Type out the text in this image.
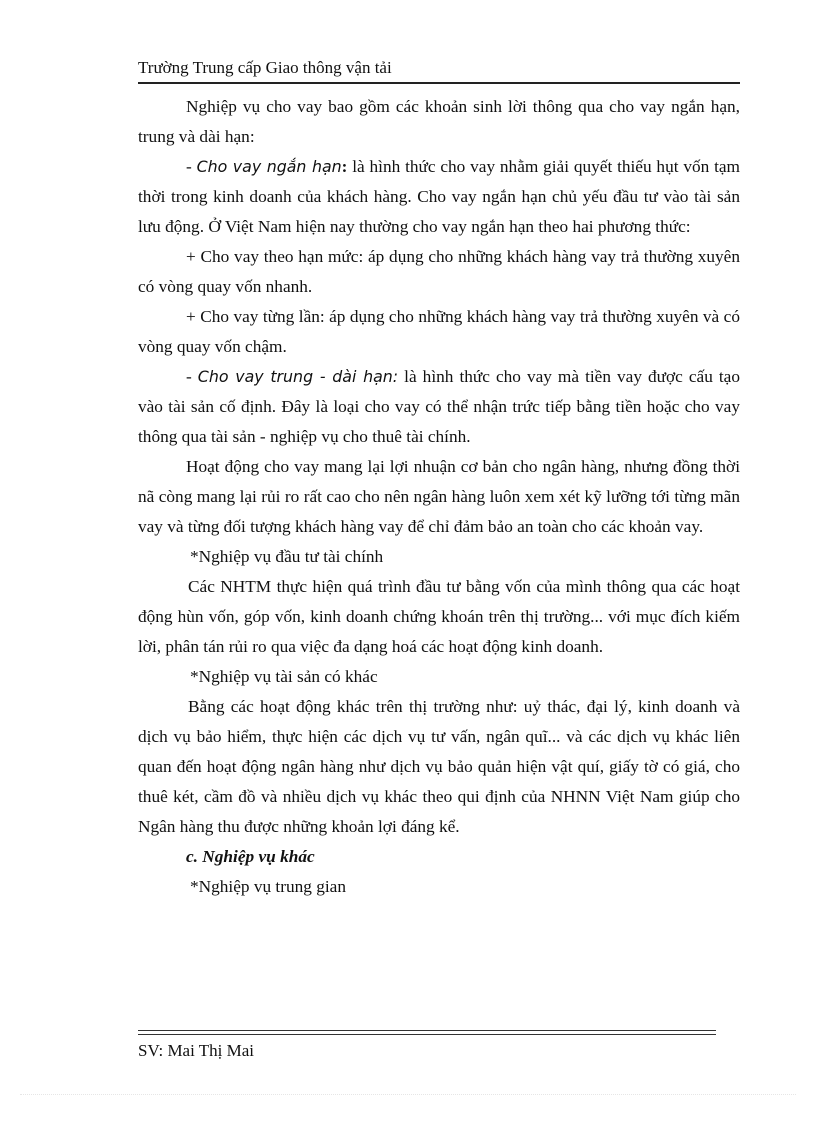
Trường Trung cấp Giao thông vận tải

Nghiệp vụ cho vay bao gồm các khoản sinh lời thông qua cho vay ngắn hạn, trung và dài hạn:

- Cho vay ngắn hạn: là hình thức cho vay nhằm giải quyết thiếu hụt vốn tạm thời trong kinh doanh của khách hàng. Cho vay ngắn hạn chủ yếu đầu tư vào tài sản lưu động. Ở Việt Nam hiện nay thường cho vay ngắn hạn theo hai phương thức:

+ Cho vay theo hạn mức: áp dụng cho những khách hàng vay trả thường xuyên có vòng quay vốn nhanh.

+ Cho vay từng lần: áp dụng cho những khách hàng vay trả thường xuyên và có vòng quay vốn chậm.

- Cho vay trung - dài hạn: là hình thức cho vay mà tiền vay được cấu tạo vào tài sản cố định. Đây là loại cho vay có thể nhận trức tiếp bằng tiền hoặc cho vay thông qua tài sản - nghiệp vụ cho thuê tài chính.

Hoạt động cho vay mang lại lợi nhuận cơ bản cho ngân hàng, nhưng đồng thời nã còng mang lại rủi ro rất cao cho nên ngân hàng luôn xem xét kỹ lưỡng tới từng mãn vay và từng đối tượng khách hàng vay để chỉ đảm bảo an toàn cho các khoản vay.

*Nghiệp vụ đầu tư tài chính

Các NHTM thực hiện quá trình đầu tư bằng vốn của mình thông qua các hoạt động hùn vốn, góp vốn, kinh doanh chứng khoán trên thị trường... với mục đích kiếm lời, phân tán rủi ro qua việc đa dạng hoá các hoạt động kinh doanh.

*Nghiệp vụ tài sản có khác

Bằng các hoạt động khác trên thị trường như: uỷ thác, đại lý, kinh doanh và dịch vụ bảo hiểm, thực hiện các dịch vụ tư vấn, ngân quĩ... và các dịch vụ khác liên quan đến hoạt động ngân hàng như dịch vụ bảo quản hiện vật quí, giấy tờ có giá, cho thuê két, cầm đồ và nhiều dịch vụ khác theo qui định của NHNN Việt Nam giúp cho Ngân hàng thu được những khoản lợi đáng kể.

c. Nghiệp vụ khác

*Nghiệp vụ trung gian

SV: Mai Thị Mai
